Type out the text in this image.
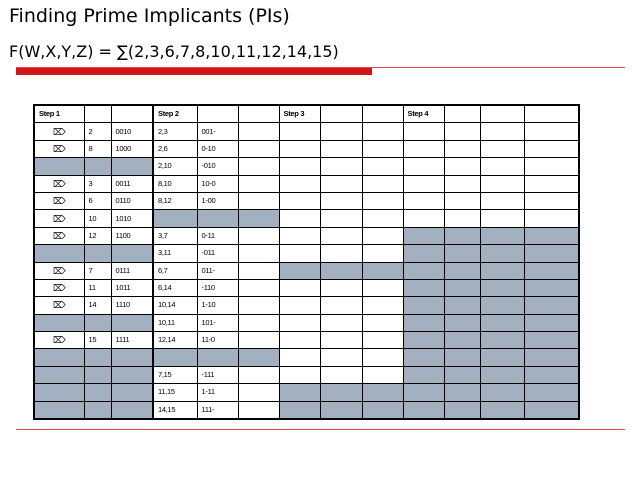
Finding Prime Implicants (PIs)
F(W,X,Y,Z) = ∑(2,3,6,7,8,10,11,12,14,15)
Step 1			Step 2			Step 3			Step 4			
⌦	2	0010	2,3	001-								
⌦	8	1000	2,6	0-10								
			2,10	-010								
⌦	3	0011	8,10	10-0								
⌦	6	0110	8,12	1-00								
⌦	10	1010										
⌦	12	1100	3,7	0-11								
			3,11	-011								
⌦	7	0111	6,7	011-								
⌦	11	1011	6,14	-110								
⌦	14	1110	10,14	1-10								
			10,11	101-								
⌦	15	1111	12,14	11-0								

			7,15	-111								
			11,15	1-11								
			14,15	111-								
